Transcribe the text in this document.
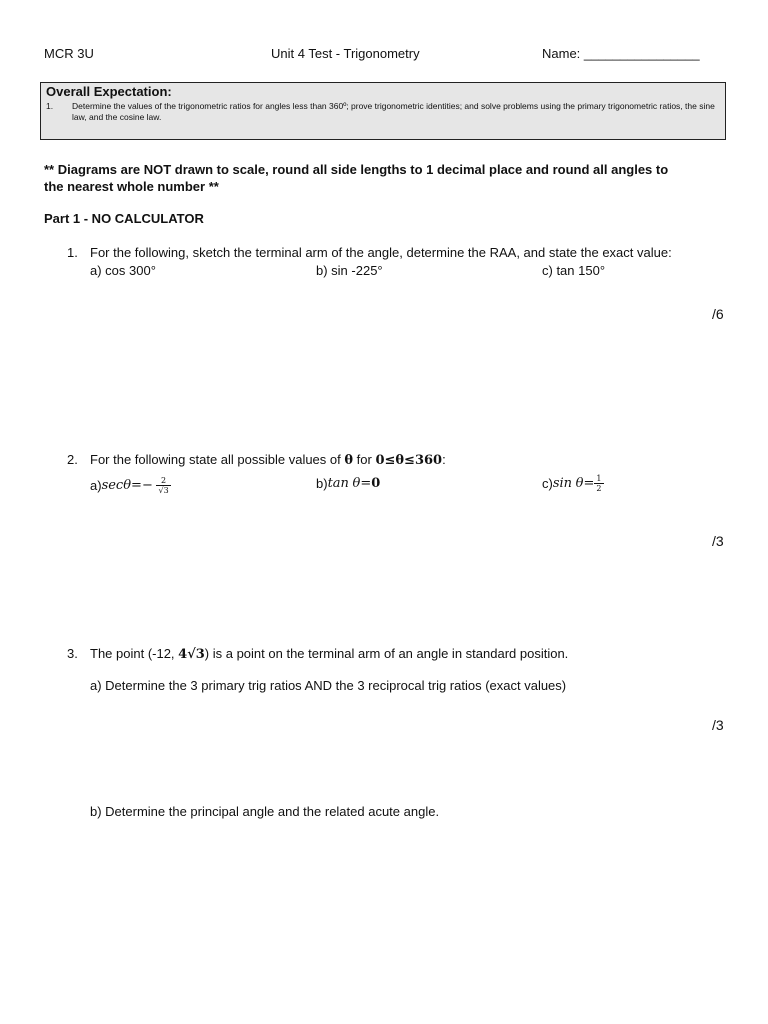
MCR 3U	Unit 4 Test - Trigonometry	Name: ________________
Overall Expectation:
1. Determine the values of the trigonometric ratios for angles less than 360º; prove trigonometric identities; and solve problems using the primary trigonometric ratios, the sine law, and the cosine law.
** Diagrams are NOT drawn to scale, round all side lengths to 1 decimal place and round all angles to
the nearest whole number **
Part 1 - NO CALCULATOR
1. For the following, sketch the terminal arm of the angle, determine the RAA, and state the exact value:
a) cos 300°	b) sin -225°	c) tan 150°
/6
2. For the following state all possible values of θ for 0≤θ≤360:
a) sec θ =−
$\frac{2}{√3}$	b) tan
θ = 0	c) sin
$\theta = \frac{1}{2}$
/3
3. The point (-12, 4√3) is a point on the terminal arm of an angle in standard position.
a) Determine the 3 primary trig ratios AND the 3 reciprocal trig ratios (exact values)
/3
b) Determine the principal angle and the related acute angle.
